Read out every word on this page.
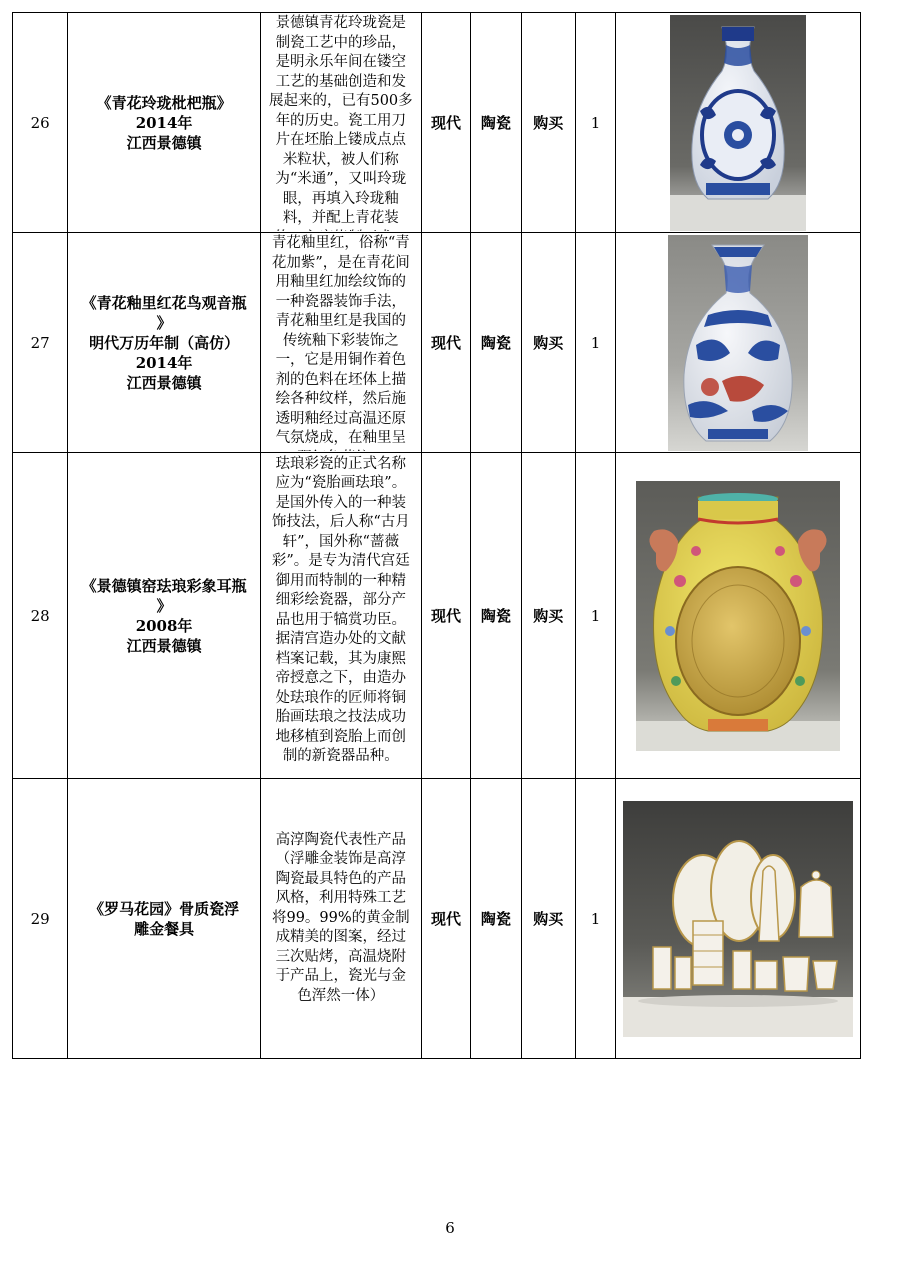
26	《青花玲珑枇杷瓶》
2014年
江西景德镇	景德镇青花玲珑瓷是制瓷工艺中的珍品，是明永乐年间在镂空工艺的基础创造和发展起来的，已有500多年的历史。瓷工用刀片在坯胎上镂成点点米粒状，被人们称为“米通”，又叫玲珑眼，再填入玲珑釉料，并配上青花装	现代	陶瓷	购买	1	

27	《青花釉里红花鸟观音瓶
》
明代万历年制（高仿）
2014年
江西景德镇	青花釉里红，俗称“青花加紫”，是在青花间用釉里红加绘纹饰的一种瓷器装饰手法，青花釉里红是我国的传统釉下彩装饰之一，它是用铜作着色剂的色料在坯体上描绘各种纹样，然后施透明釉经过高温还原气氛烧成，在釉里呈	现代	陶瓷	购买	1	

28	《景德镇窑珐琅彩象耳瓶
》
2008年
江西景德镇	珐琅彩瓷的正式名称应为“瓷胎画珐琅”。是国外传入的一种装饰技法，后人称“古月轩”，国外称“蔷薇彩”。是专为清代宫廷御用而特制的一种精细彩绘瓷器，部分产品也用于犒赏功臣。据清宫造办处的文献档案记载，其为康熙帝授意之下，由造办处珐琅作的匠师将铜胎画珐琅之技法成功地移植到瓷胎上而创制的新瓷器品种。	现代	陶瓷	购买	1	

29	《罗马花园》骨质瓷浮
雕金餐具	高淳陶瓷代表性产品（浮雕金装饰是高淳陶瓷最具特色的产品风格，利用特殊工艺将99。99%的黄金制成精美的图案，经过三次贴烤，高温烧附于产品上，瓷光与金色浑然一体）	现代	陶瓷	购买	1	
6
